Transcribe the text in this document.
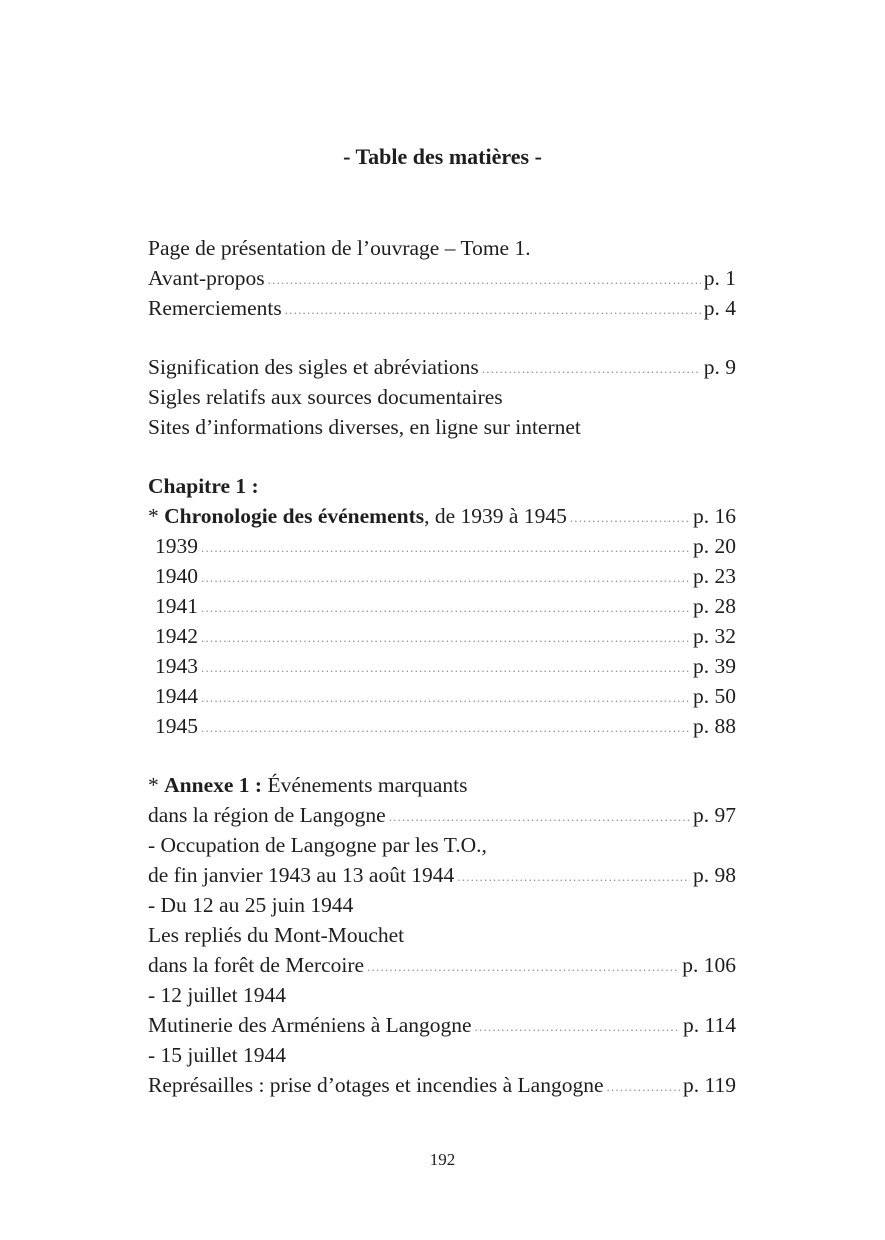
- Table des matières -
Page de présentation de l’ouvrage – Tome 1.
Avant-propos .....	p. 1
Remerciements .....	p. 4
Signification des sigles et abréviations .....	p. 9
Sigles relatifs aux sources documentaires
Sites d’informations diverses, en ligne sur internet
Chapitre 1 :
* Chronologie des événements, de 1939 à 1945 .....	p. 16
1939 .....	p. 20
1940 .....	p. 23
1941 .....	p. 28
1942 .....	p. 32
1943 .....	p. 39
1944 .....	p. 50
1945 .....	p. 88
* Annexe 1 : Événements marquants
dans la région de Langogne .....	p. 97
- Occupation de Langogne par les T.O.,
de fin janvier 1943 au 13 août 1944 .....	p. 98
- Du 12 au 25 juin 1944
Les repliés du Mont-Mouchet
dans la forêt de Mercoire .....	p. 106
- 12 juillet 1944
Mutinerie des Arméniens à Langogne .....	p. 114
- 15 juillet 1944
Représailles : prise d’otages et incendies à Langogne .....	p. 119
192
